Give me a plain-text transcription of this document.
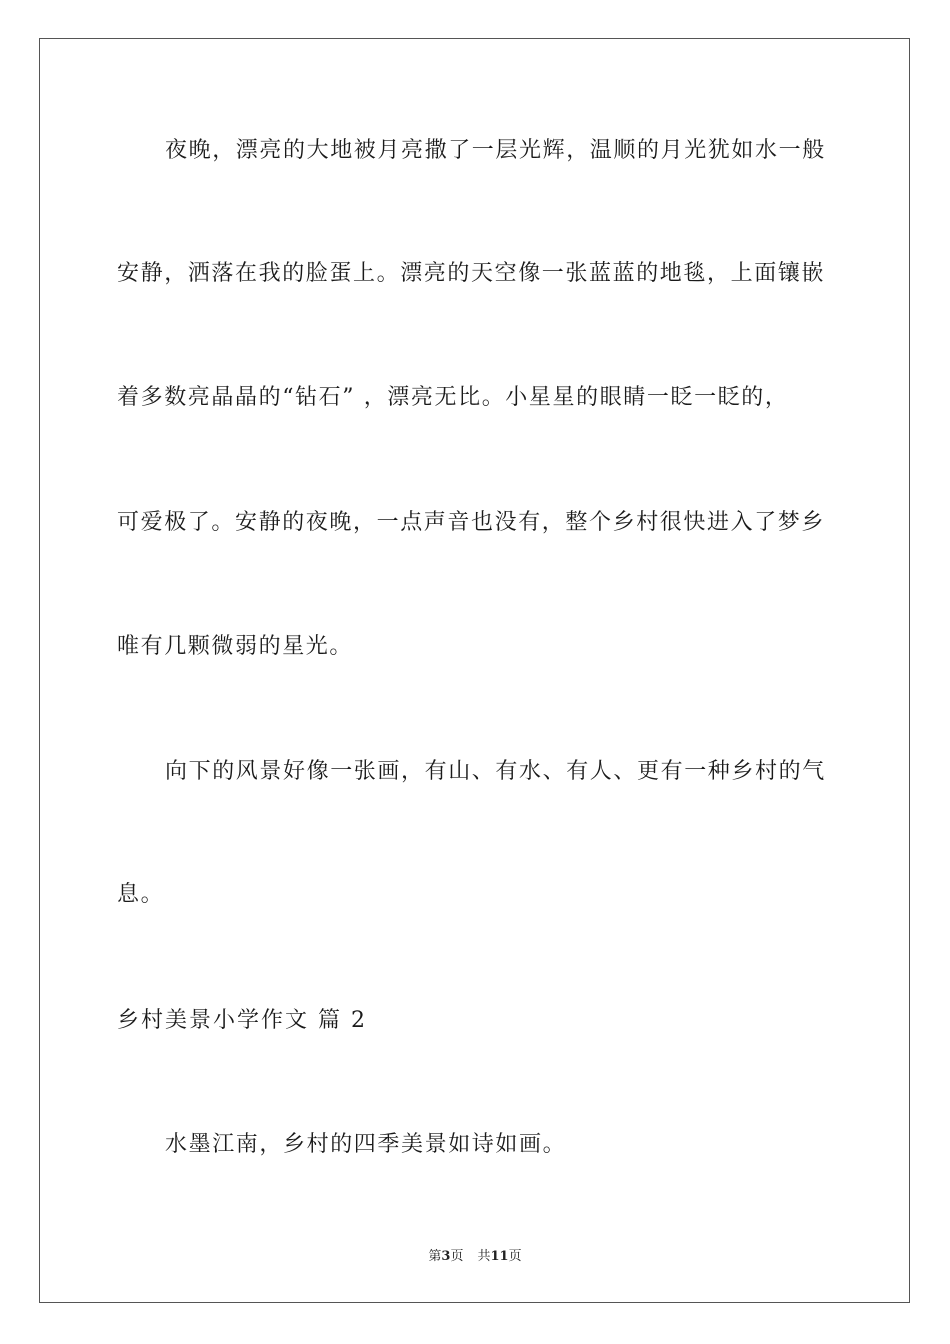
夜晚，漂亮的大地被月亮撒了一层光辉，温顺的月光犹如水一般
安静，洒落在我的脸蛋上。漂亮的天空像一张蓝蓝的地毯，上面镶嵌
着多数亮晶晶的“钻石” ，漂亮无比。小星星的眼睛一眨一眨的，
可爱极了。安静的夜晚，一点声音也没有，整个乡村很快进入了梦乡
唯有几颗微弱的星光。
向下的风景好像一张画，有山、有水、有人、更有一种乡村的气
息。
乡村美景小学作文 篇 2
水墨江南，乡村的四季美景如诗如画。
第3页 共11页
